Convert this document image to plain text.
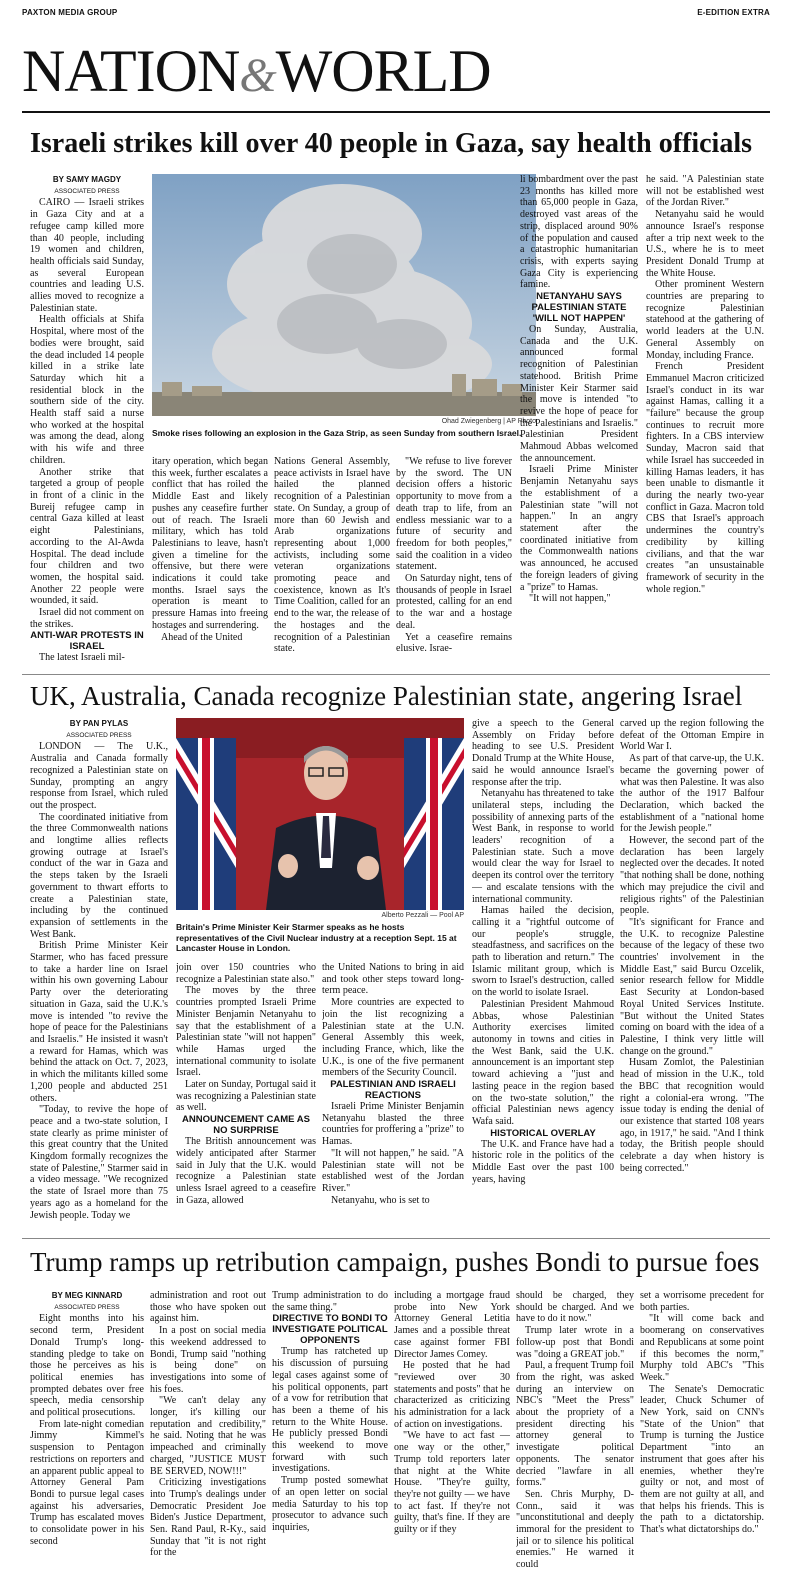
PAXTON MEDIA GROUP	E-EDITION EXTRA
NATION&WORLD
Israeli strikes kill over 40 people in Gaza, say health officials

BY SAMY MAGDY

ASSOCIATED PRESS

CAIRO — Israeli strikes in Gaza City and at a refugee camp killed more than 40 people, including 19 women and children, health officials said Sunday, as several European countries and leading U.S. allies moved to recognize a Palestinian state.

Health officials at Shifa Hospital, where most of the bodies were brought, said the dead included 14 people killed in a strike late Saturday which hit a residential block in the southern side of the city. Health staff said a nurse who worked at the hospital was among the dead, along with his wife and three children.

Another strike that targeted a group of people in front of a clinic in the Bureij refugee camp in central Gaza killed at least eight Palestinians, according to the Al-Awda Hospital. The dead include four children and two women, the hospital said. Another 22 people were wounded, it said.

Israel did not comment on the strikes.

ANTI-WAR PROTESTS IN ISRAEL

The latest Israeli mil-

Ohad Zwiegenberg | AP Photo
Smoke rises following an explosion in the Gaza Strip, as seen Sunday from southern Israel.

itary operation, which began this week, further escalates a conflict that has roiled the Middle East and likely pushes any ceasefire further out of reach. The Israeli military, which has told Palestinians to leave, hasn't given a timeline for the offensive, but there were indications it could take months. Israel says the operation is meant to pressure Hamas into freeing hostages and surrendering.

Ahead of the United

Nations General Assembly, peace activists in Israel have hailed the planned recognition of a Palestinian state. On Sunday, a group of more than 60 Jewish and Arab organizations representing about 1,000 activists, including some veteran organizations promoting peace and coexistence, known as It's Time Coalition, called for an end to the war, the release of the hostages and the recognition of a Palestinian state.

"We refuse to live forever by the sword. The UN decision offers a historic opportunity to move from a death trap to life, from an endless messianic war to a future of security and freedom for both peoples," said the coalition in a video statement.

On Saturday night, tens of thousands of people in Israel protested, calling for an end to the war and a hostage deal.

Yet a ceasefire remains elusive. Israe-

li bombardment over the past 23 months has killed more than 65,000 people in Gaza, destroyed vast areas of the strip, displaced around 90% of the population and caused a catastrophic humanitarian crisis, with experts saying Gaza City is experiencing famine.

NETANYAHU SAYS PALESTINIAN STATE 'WILL NOT HAPPEN'

On Sunday, Australia, Canada and the U.K. announced formal recognition of Palestinian statehood. British Prime Minister Keir Starmer said the move is intended "to revive the hope of peace for the Palestinians and Israelis." Palestinian President Mahmoud Abbas welcomed the announcement.

Israeli Prime Minister Benjamin Netanyahu says the establishment of a Palestinian state "will not happen." In an angry statement after the coordinated initiative from the Commonwealth nations was announced, he accused the foreign leaders of giving a "prize" to Hamas.

"It will not happen,"

he said. "A Palestinian state will not be established west of the Jordan River."

Netanyahu said he would announce Israel's response after a trip next week to the U.S., where he is to meet President Donald Trump at the White House.

Other prominent Western countries are preparing to recognize Palestinian statehood at the gathering of world leaders at the U.N. General Assembly on Monday, including France.

French President Emmanuel Macron criticized Israel's conduct in its war against Hamas, calling it a "failure" because the group continues to recruit more fighters. In a CBS interview Sunday, Macron said that while Israel has succeeded in killing Hamas leaders, it has been unable to dismantle it during the nearly two-year conflict in Gaza. Macron told CBS that Israel's approach undermines the country's credibility by killing civilians, and that the war creates "an unsustainable framework of security in the whole region."

UK, Australia, Canada recognize Palestinian state, angering Israel

BY PAN PYLAS

ASSOCIATED PRESS

LONDON — The U.K., Australia and Canada formally recognized a Palestinian state on Sunday, prompting an angry response from Israel, which ruled out the prospect.

The coordinated initiative from the three Commonwealth nations and longtime allies reflects growing outrage at Israel's conduct of the war in Gaza and the steps taken by the Israeli government to thwart efforts to create a Palestinian state, including by the continued expansion of settlements in the West Bank.

British Prime Minister Keir Starmer, who has faced pressure to take a harder line on Israel within his own governing Labour Party over the deteriorating situation in Gaza, said the U.K.'s move is intended "to revive the hope of peace for the Palestinians and Israelis." He insisted it wasn't a reward for Hamas, which was behind the attack on Oct. 7, 2023, in which the militants killed some 1,200 people and abducted 251 others.

"Today, to revive the hope of peace and a two-state solution, I state clearly as prime minister of this great country that the United Kingdom formally recognizes the state of Palestine," Starmer said in a video message. "We recognized the state of Israel more than 75 years ago as a homeland for the Jewish people. Today we

Alberto Pezzali — Pool AP
Britain's Prime Minister Keir Starmer speaks as he hosts representatives of the Civil Nuclear industry at a reception Sept. 15 at Lancaster House in London.

join over 150 countries who recognize a Palestinian state also."

The moves by the three countries prompted Israeli Prime Minister Benjamin Netanyahu to say that the establishment of a Palestinian state "will not happen" while Hamas urged the international community to isolate Israel.

Later on Sunday, Portugal said it was recognizing a Palestinian state as well.

ANNOUNCEMENT CAME AS NO SURPRISE

The British announcement was widely anticipated after Starmer said in July that the U.K. would recognize a Palestinian state unless Israel agreed to a ceasefire in Gaza, allowed

the United Nations to bring in aid and took other steps toward long-term peace.

More countries are expected to join the list recognizing a Palestinian state at the U.N. General Assembly this week, including France, which, like the U.K., is one of the five permanent members of the Security Council.

PALESTINIAN AND ISRAELI REACTIONS

Israeli Prime Minister Benjamin Netanyahu blasted the three countries for proffering a "prize" to Hamas.

"It will not happen," he said. "A Palestinian state will not be established west of the Jordan River."

Netanyahu, who is set to

give a speech to the General Assembly on Friday before heading to see U.S. President Donald Trump at the White House, said he would announce Israel's response after the trip.

Netanyahu has threatened to take unilateral steps, including the possibility of annexing parts of the West Bank, in response to world leaders' recognition of a Palestinian state. Such a move would clear the way for Israel to deepen its control over the territory — and escalate tensions with the international community.

Hamas hailed the decision, calling it a "rightful outcome of our people's struggle, steadfastness, and sacrifices on the path to liberation and return." The Islamic militant group, which is sworn to Israel's destruction, called on the world to isolate Israel.

Palestinian President Mahmoud Abbas, whose Palestinian Authority exercises limited autonomy in towns and cities in the West Bank, said the U.K. announcement is an important step toward achieving a "just and lasting peace in the region based on the two-state solution," the official Palestinian news agency Wafa said.

HISTORICAL OVERLAY

The U.K. and France have had a historic role in the politics of the Middle East over the past 100 years, having

carved up the region following the defeat of the Ottoman Empire in World War I.

As part of that carve-up, the U.K. became the governing power of what was then Palestine. It was also the author of the 1917 Balfour Declaration, which backed the establishment of a "national home for the Jewish people."

However, the second part of the declaration has been largely neglected over the decades. It noted "that nothing shall be done, nothing which may prejudice the civil and religious rights" of the Palestinian people.

"It's significant for France and the U.K. to recognize Palestine because of the legacy of these two countries' involvement in the Middle East," said Burcu Ozcelik, senior research fellow for Middle East Security at London-based Royal United Services Institute. "But without the United States coming on board with the idea of a Palestine, I think very little will change on the ground."

Husam Zomlot, the Palestinian head of mission in the U.K., told the BBC that recognition would right a colonial-era wrong. "The issue today is ending the denial of our existence that started 108 years ago, in 1917," he said. "And I think today, the British people should celebrate a day when history is being corrected."

Trump ramps up retribution campaign, pushes Bondi to pursue foes

BY MEG KINNARD

ASSOCIATED PRESS

Eight months into his second term, President Donald Trump's long-standing pledge to take on those he perceives as his political enemies has prompted debates over free speech, media censorship and political prosecutions.

From late-night comedian Jimmy Kimmel's suspension to Pentagon restrictions on reporters and an apparent public appeal to Attorney General Pam Bondi to pursue legal cases against his adversaries, Trump has escalated moves to consolidate power in his second

administration and root out those who have spoken out against him.

In a post on social media this weekend addressed to Bondi, Trump said "nothing is being done" on investigations into some of his foes.

"We can't delay any longer, it's killing our reputation and credibility," he said. Noting that he was impeached and criminally charged, "JUSTICE MUST BE SERVED, NOW!!!"

Criticizing investigations into Trump's dealings under Democratic President Joe Biden's Justice Department, Sen. Rand Paul, R-Ky., said Sunday that "it is not right for the

Trump administration to do the same thing."

DIRECTIVE TO BONDI TO INVESTIGATE POLITICAL OPPONENTS

Trump has ratcheted up his discussion of pursuing legal cases against some of his political opponents, part of a vow for retribution that has been a theme of his return to the White House. He publicly pressed Bondi this weekend to move forward with such investigations.

Trump posted somewhat of an open letter on social media Saturday to his top prosecutor to advance such inquiries,

including a mortgage fraud probe into New York Attorney General Letitia James and a possible threat case against former FBI Director James Comey.

He posted that he had "reviewed over 30 statements and posts" that he characterized as criticizing his administration for a lack of action on investigations.

"We have to act fast — one way or the other," Trump told reporters later that night at the White House. "They're guilty, they're not guilty — we have to act fast. If they're not guilty, that's fine. If they are guilty or if they

should be charged, they should be charged. And we have to do it now."

Trump later wrote in a follow-up post that Bondi was "doing a GREAT job."

Paul, a frequent Trump foil from the right, was asked during an interview on NBC's "Meet the Press" about the propriety of a president directing his attorney general to investigate political opponents. The senator decried "lawfare in all forms."

Sen. Chris Murphy, D-Conn., said it was "unconstitutional and deeply immoral for the president to jail or to silence his political enemies." He warned it could

set a worrisome precedent for both parties.

"It will come back and boomerang on conservatives and Republicans at some point if this becomes the norm," Murphy told ABC's "This Week."

The Senate's Democratic leader, Chuck Schumer of New York, said on CNN's "State of the Union" that Trump is turning the Justice Department "into an instrument that goes after his enemies, whether they're guilty or not, and most of them are not guilty at all, and that helps his friends. This is the path to a dictatorship. That's what dictatorships do."
